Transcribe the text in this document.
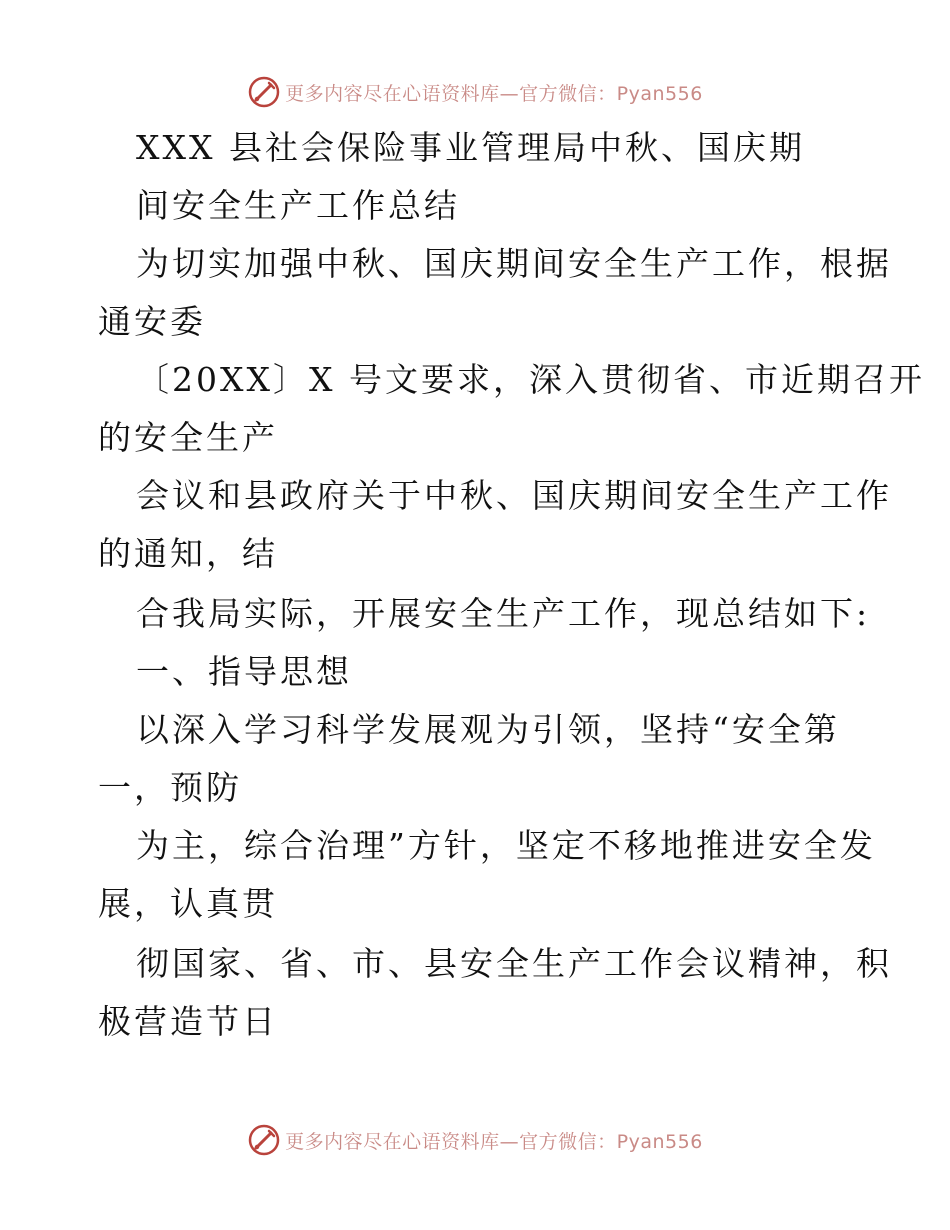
更多内容尽在心语资料库—官方微信：Pyan556
XXX 县社会保险事业管理局中秋、国庆期
间安全生产工作总结
为切实加强中秋、国庆期间安全生产工作，根据
通安委
〔20XX〕X 号文要求，深入贯彻省、市近期召开
的安全生产
会议和县政府关于中秋、国庆期间安全生产工作
的通知，结
合我局实际，开展安全生产工作，现总结如下:
一、指导思想
以深入学习科学发展观为引领，坚持“安全第
一，预防
为主，综合治理”方针，坚定不移地推进安全发
展，认真贯
彻国家、省、市、县安全生产工作会议精神，积
极营造节日
更多内容尽在心语资料库—官方微信：Pyan556
